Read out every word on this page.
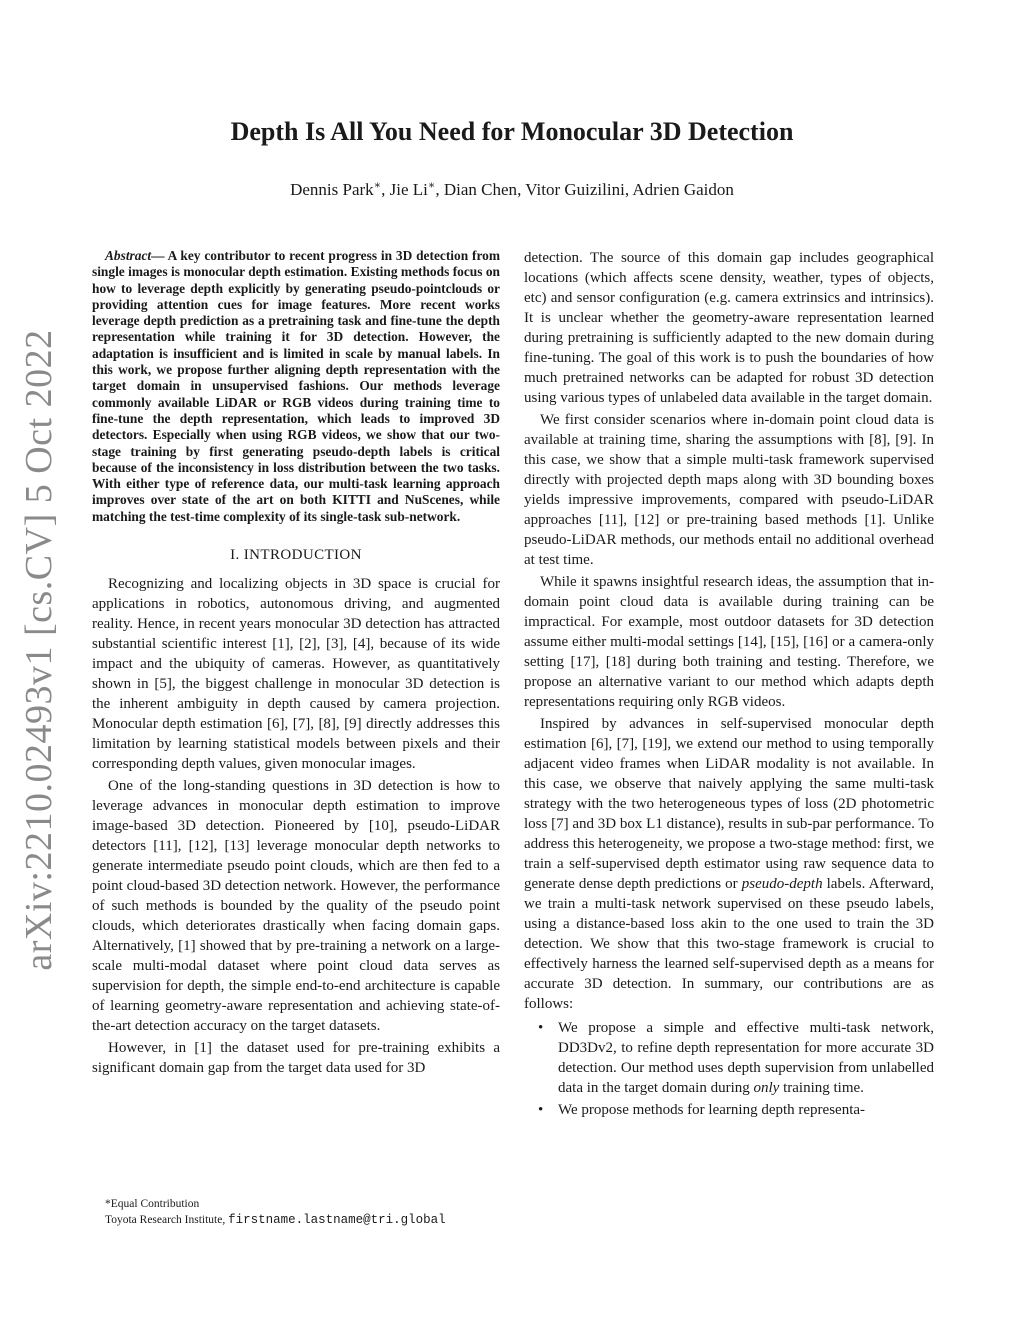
arXiv:2210.02493v1 [cs.CV] 5 Oct 2022
Depth Is All You Need for Monocular 3D Detection
Dennis Park∗, Jie Li∗, Dian Chen, Vitor Guizilini, Adrien Gaidon

Abstract— A key contributor to recent progress in 3D detection from single images is monocular depth estimation. Existing methods focus on how to leverage depth explicitly by generating pseudo-pointclouds or providing attention cues for image features. More recent works leverage depth prediction as a pretraining task and fine-tune the depth representation while training it for 3D detection. However, the adaptation is insufficient and is limited in scale by manual labels. In this work, we propose further aligning depth representation with the target domain in unsupervised fashions. Our methods leverage commonly available LiDAR or RGB videos during training time to fine-tune the depth representation, which leads to improved 3D detectors. Especially when using RGB videos, we show that our two-stage training by first generating pseudo-depth labels is critical because of the inconsistency in loss distribution between the two tasks. With either type of reference data, our multi-task learning approach improves over state of the art on both KITTI and NuScenes, while matching the test-time complexity of its single-task sub-network.

I. INTRODUCTION

Recognizing and localizing objects in 3D space is crucial for applications in robotics, autonomous driving, and augmented reality. Hence, in recent years monocular 3D detection has attracted substantial scientific interest [1], [2], [3], [4], because of its wide impact and the ubiquity of cameras. However, as quantitatively shown in [5], the biggest challenge in monocular 3D detection is the inherent ambiguity in depth caused by camera projection. Monocular depth estimation [6], [7], [8], [9] directly addresses this limitation by learning statistical models between pixels and their corresponding depth values, given monocular images.

One of the long-standing questions in 3D detection is how to leverage advances in monocular depth estimation to improve image-based 3D detection. Pioneered by [10], pseudo-LiDAR detectors [11], [12], [13] leverage monocular depth networks to generate intermediate pseudo point clouds, which are then fed to a point cloud-based 3D detection network. However, the performance of such methods is bounded by the quality of the pseudo point clouds, which deteriorates drastically when facing domain gaps. Alternatively, [1] showed that by pre-training a network on a large-scale multi-modal dataset where point cloud data serves as supervision for depth, the simple end-to-end architecture is capable of learning geometry-aware representation and achieving state-of-the-art detection accuracy on the target datasets.

However, in [1] the dataset used for pre-training exhibits a significant domain gap from the target data used for 3D

detection. The source of this domain gap includes geographical locations (which affects scene density, weather, types of objects, etc) and sensor configuration (e.g. camera extrinsics and intrinsics). It is unclear whether the geometry-aware representation learned during pretraining is sufficiently adapted to the new domain during fine-tuning. The goal of this work is to push the boundaries of how much pretrained networks can be adapted for robust 3D detection using various types of unlabeled data available in the target domain.

We first consider scenarios where in-domain point cloud data is available at training time, sharing the assumptions with [8], [9]. In this case, we show that a simple multi-task framework supervised directly with projected depth maps along with 3D bounding boxes yields impressive improvements, compared with pseudo-LiDAR approaches [11], [12] or pre-training based methods [1]. Unlike pseudo-LiDAR methods, our methods entail no additional overhead at test time.

While it spawns insightful research ideas, the assumption that in-domain point cloud data is available during training can be impractical. For example, most outdoor datasets for 3D detection assume either multi-modal settings [14], [15], [16] or a camera-only setting [17], [18] during both training and testing. Therefore, we propose an alternative variant to our method which adapts depth representations requiring only RGB videos.

Inspired by advances in self-supervised monocular depth estimation [6], [7], [19], we extend our method to using temporally adjacent video frames when LiDAR modality is not available. In this case, we observe that naively applying the same multi-task strategy with the two heterogeneous types of loss (2D photometric loss [7] and 3D box L1 distance), results in sub-par performance. To address this heterogeneity, we propose a two-stage method: first, we train a self-supervised depth estimator using raw sequence data to generate dense depth predictions or pseudo-depth labels. Afterward, we train a multi-task network supervised on these pseudo labels, using a distance-based loss akin to the one used to train the 3D detection. We show that this two-stage framework is crucial to effectively harness the learned self-supervised depth as a means for accurate 3D detection. In summary, our contributions are as follows:

• We propose a simple and effective multi-task network, DD3Dv2, to refine depth representation for more accurate 3D detection. Our method uses depth supervision from unlabelled data in the target domain during only training time.
• We propose methods for learning depth representa-
*Equal Contribution
Toyota Research Institute, firstname.lastname@tri.global
